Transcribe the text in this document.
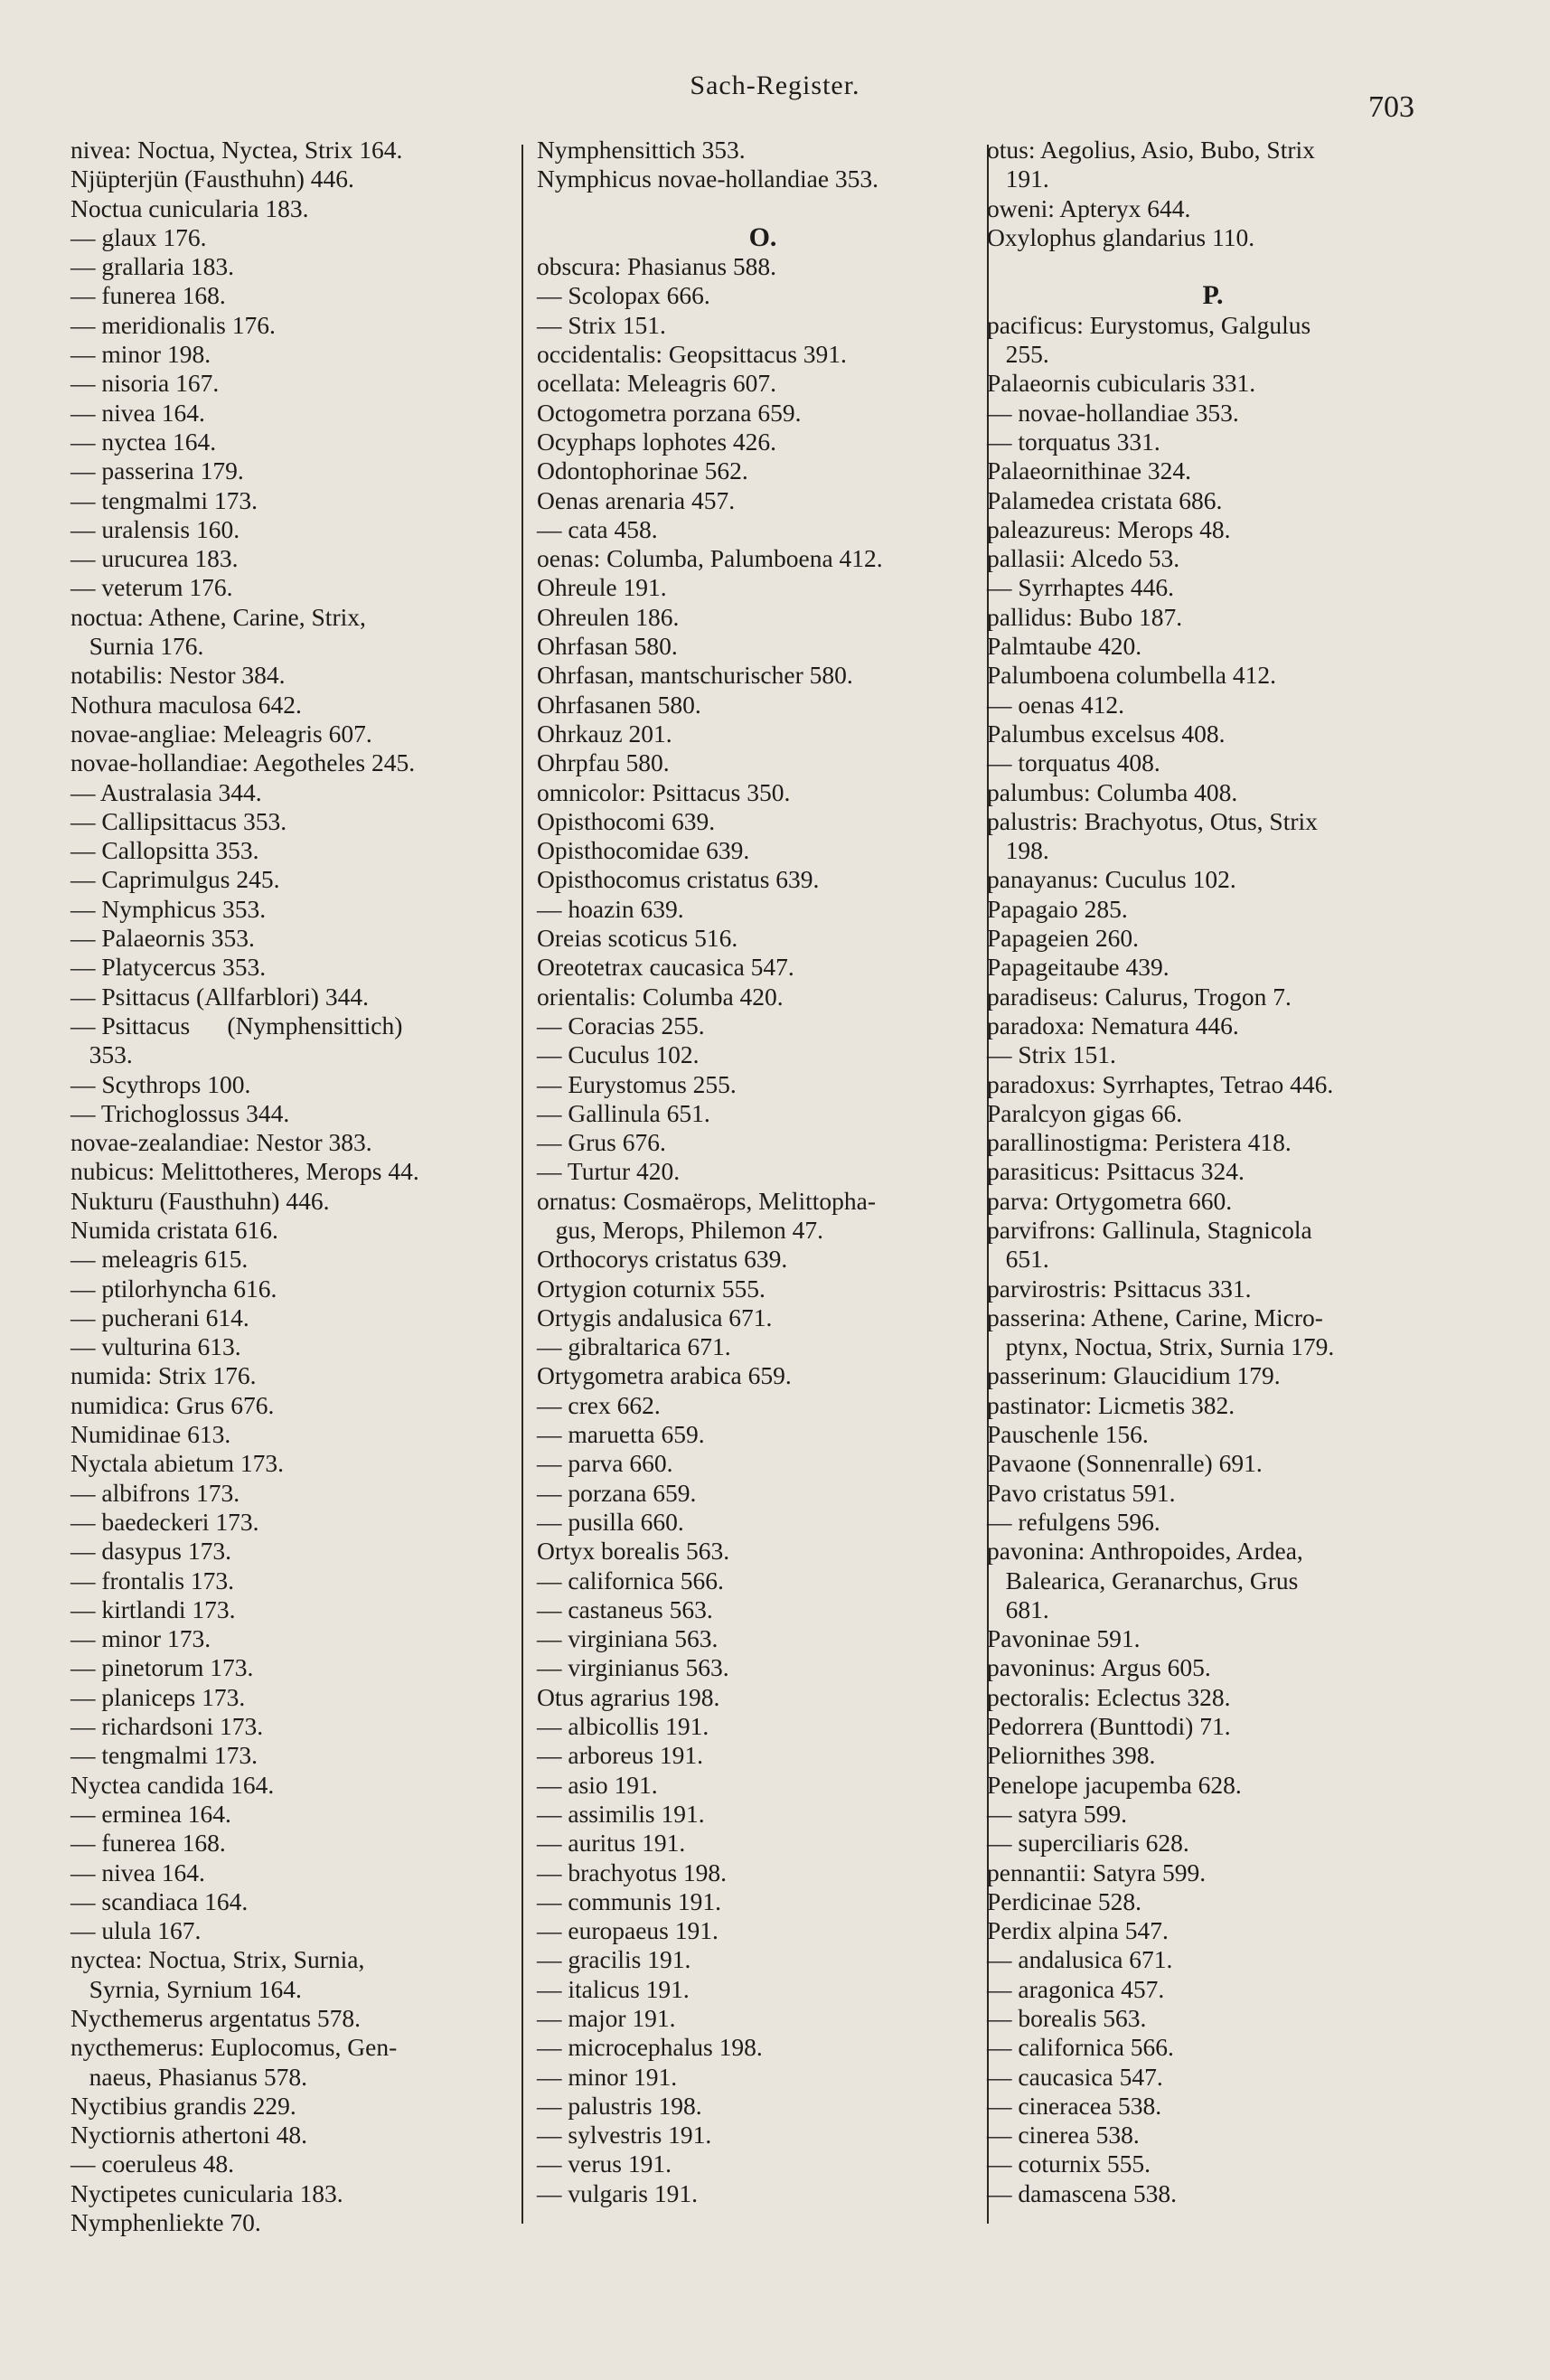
Sach-Register.
703
nivea: Noctua, Nyctea, Strix 164.
Njüpterjün (Fausthuhn) 446.
Noctua cunicularia 183.
— glaux 176.
— grallaria 183.
— funerea 168.
— meridionalis 176.
— minor 198.
— nisoria 167.
— nivea 164.
— nyctea 164.
— passerina 179.
— tengmalmi 173.
— uralensis 160.
— urucurea 183.
— veterum 176.
noctua: Athene, Carine, Strix,
Surnia 176.
notabilis: Nestor 384.
Nothura maculosa 642.
novae-angliae: Meleagris 607.
novae-hollandiae: Aegotheles 245.
— Australasia 344.
— Callipsittacus 353.
— Callopsitta 353.
— Caprimulgus 245.
— Nymphicus 353.
— Palaeornis 353.
— Platycercus 353.
— Psittacus (Allfarblori) 344.
— Psittacus      (Nymphensittich)
353.
— Scythrops 100.
— Trichoglossus 344.
novae-zealandiae: Nestor 383.
nubicus: Melittotheres, Merops 44.
Nukturu (Fausthuhn) 446.
Numida cristata 616.
— meleagris 615.
— ptilorhyncha 616.
— pucherani 614.
— vulturina 613.
numida: Strix 176.
numidica: Grus 676.
Numidinae 613.
Nyctala abietum 173.
— albifrons 173.
— baedeckeri 173.
— dasypus 173.
— frontalis 173.
— kirtlandi 173.
— minor 173.
— pinetorum 173.
— planiceps 173.
— richardsoni 173.
— tengmalmi 173.
Nyctea candida 164.
— erminea 164.
— funerea 168.
— nivea 164.
— scandiaca 164.
— ulula 167.
nyctea: Noctua, Strix, Surnia,
Syrnia, Syrnium 164.
Nycthemerus argentatus 578.
nycthemerus: Euplocomus, Gen-
naeus, Phasianus 578.
Nyctibius grandis 229.
Nyctiornis athertoni 48.
— coeruleus 48.
Nyctipetes cunicularia 183.
Nymphenliekte 70.
Nymphensittich 353.
Nymphicus novae-hollandiae 353.

O.
obscura: Phasianus 588.
— Scolopax 666.
— Strix 151.
occidentalis: Geopsittacus 391.
ocellata: Meleagris 607.
Octogometra porzana 659.
Ocyphaps lophotes 426.
Odontophorinae 562.
Oenas arenaria 457.
— cata 458.
oenas: Columba, Palumboena 412.
Ohreule 191.
Ohreulen 186.
Ohrfasan 580.
Ohrfasan, mantschurischer 580.
Ohrfasanen 580.
Ohrkauz 201.
Ohrpfau 580.
omnicolor: Psittacus 350.
Opisthocomi 639.
Opisthocomidae 639.
Opisthocomus cristatus 639.
— hoazin 639.
Oreias scoticus 516.
Oreotetrax caucasica 547.
orientalis: Columba 420.
— Coracias 255.
— Cuculus 102.
— Eurystomus 255.
— Gallinula 651.
— Grus 676.
— Turtur 420.
ornatus: Cosmaërops, Melittopha-
gus, Merops, Philemon 47.
Orthocorys cristatus 639.
Ortygion coturnix 555.
Ortygis andalusica 671.
— gibraltarica 671.
Ortygometra arabica 659.
— crex 662.
— maruetta 659.
— parva 660.
— porzana 659.
— pusilla 660.
Ortyx borealis 563.
— californica 566.
— castaneus 563.
— virginiana 563.
— virginianus 563.
Otus agrarius 198.
— albicollis 191.
— arboreus 191.
— asio 191.
— assimilis 191.
— auritus 191.
— brachyotus 198.
— communis 191.
— europaeus 191.
— gracilis 191.
— italicus 191.
— major 191.
— microcephalus 198.
— minor 191.
— palustris 198.
— sylvestris 191.
— verus 191.
— vulgaris 191.
otus: Aegolius, Asio, Bubo, Strix
191.
oweni: Apteryx 644.
Oxylophus glandarius 110.

P.
pacificus: Eurystomus, Galgulus
255.
Palaeornis cubicularis 331.
— novae-hollandiae 353.
— torquatus 331.
Palaeornithinae 324.
Palamedea cristata 686.
paleazureus: Merops 48.
pallasii: Alcedo 53.
— Syrrhaptes 446.
pallidus: Bubo 187.
Palmtaube 420.
Palumboena columbella 412.
— oenas 412.
Palumbus excelsus 408.
— torquatus 408.
palumbus: Columba 408.
palustris: Brachyotus, Otus, Strix
198.
panayanus: Cuculus 102.
Papagaio 285.
Papageien 260.
Papageitaube 439.
paradiseus: Calurus, Trogon 7.
paradoxa: Nematura 446.
— Strix 151.
paradoxus: Syrrhaptes, Tetrao 446.
Paralcyon gigas 66.
parallinostigma: Peristera 418.
parasiticus: Psittacus 324.
parva: Ortygometra 660.
parvifrons: Gallinula, Stagnicola
651.
parvirostris: Psittacus 331.
passerina: Athene, Carine, Micro-
ptynx, Noctua, Strix, Surnia 179.
passerinum: Glaucidium 179.
pastinator: Licmetis 382.
Pauschenle 156.
Pavaone (Sonnenralle) 691.
Pavo cristatus 591.
— refulgens 596.
pavonina: Anthropoides, Ardea,
Balearica, Geranarchus, Grus
681.
Pavoninae 591.
pavoninus: Argus 605.
pectoralis: Eclectus 328.
Pedorrera (Bunttodi) 71.
Peliornithes 398.
Penelope jacupemba 628.
— satyra 599.
— superciliaris 628.
pennantii: Satyra 599.
Perdicinae 528.
Perdix alpina 547.
— andalusica 671.
— aragonica 457.
— borealis 563.
— californica 566.
— caucasica 547.
— cineracea 538.
— cinerea 538.
— coturnix 555.
— damascena 538.
